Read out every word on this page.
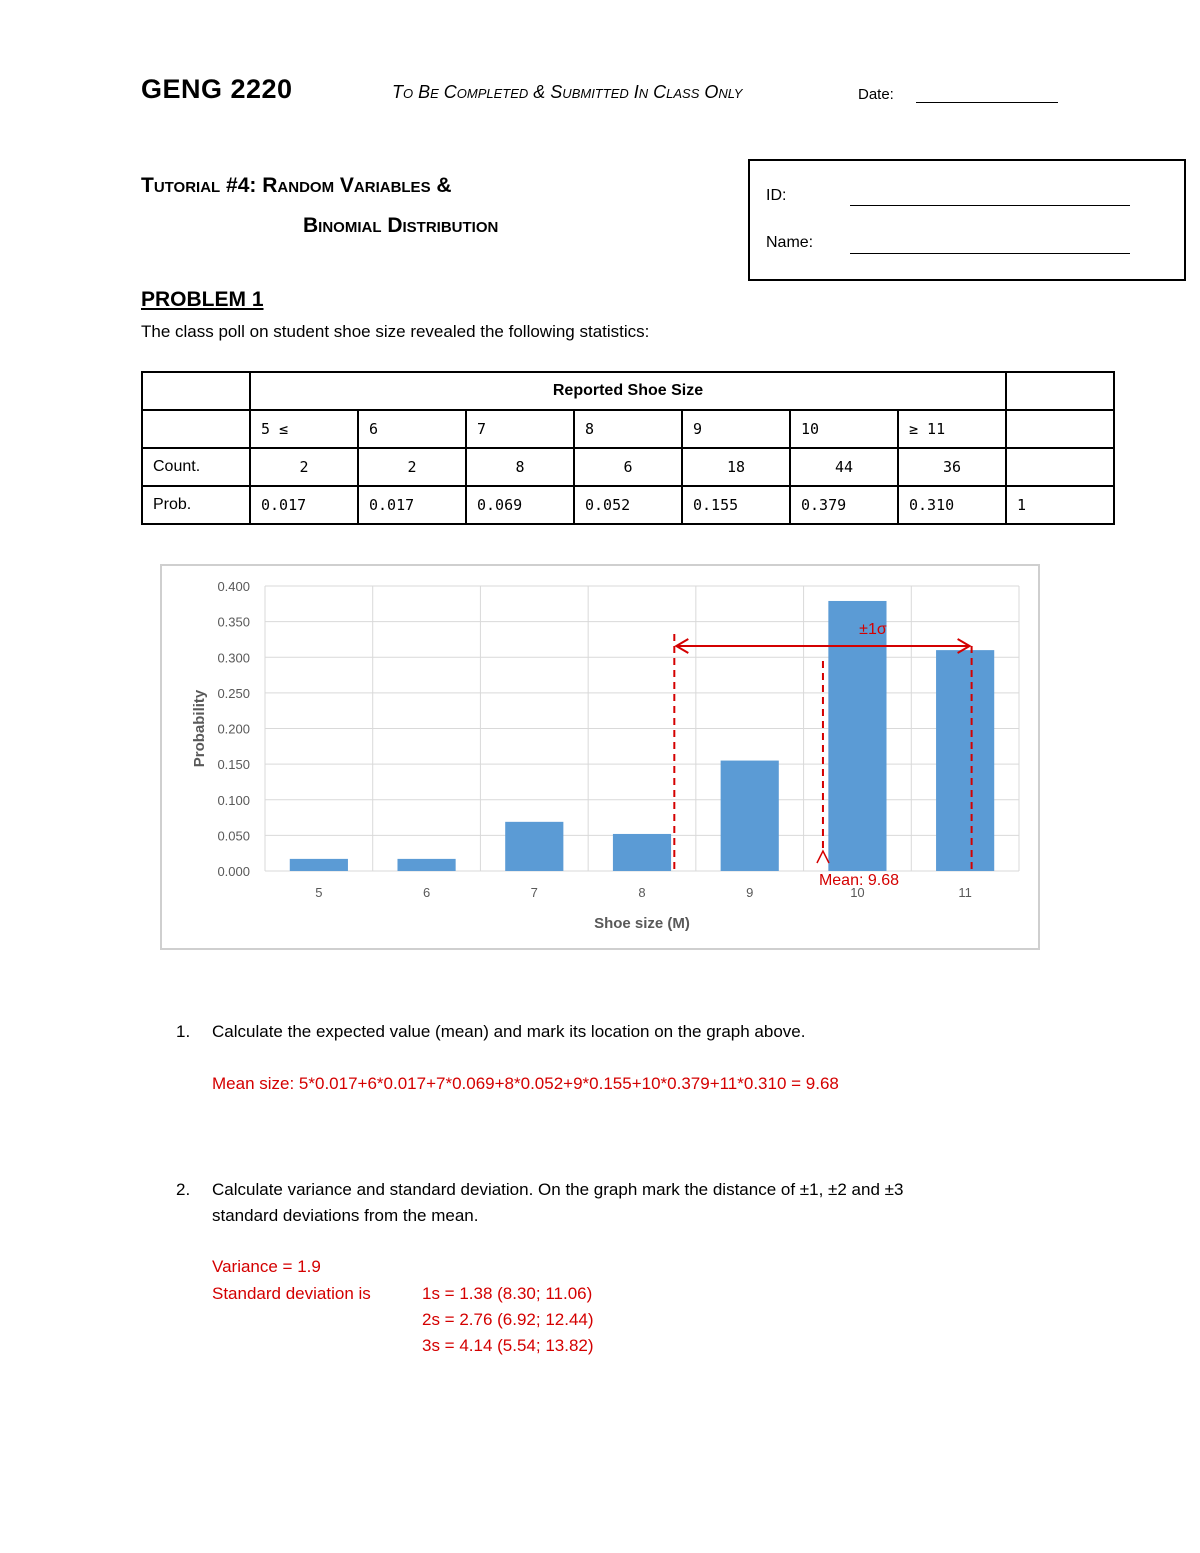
GENG 2220	To Be Completed & Submitted In Class Only	Date:
Tutorial #4: Random Variables &
Binomial Distribution
ID:
Name:
PROBLEM 1
The class poll on student shoe size revealed the following statistics:
	Reported Shoe Size							
	5 ≤	6	7	8	9	10	≥ 11	
Count.	2	2	8	6	18	44	36	
Prob.	0.017	0.017	0.069	0.052	0.155	0.379	0.310	1
0.000
0.050
0.100
0.150
0.200
0.250
0.300
0.350
0.400
5	6	7	8	9	10	11
Shoe size (M)
Probability
±1σ
Mean: 9.68
1. Calculate the expected value (mean) and mark its location on the graph above.
Mean size: 5*0.017+6*0.017+7*0.069+8*0.052+9*0.155+10*0.379+11*0.310 = 9.68
2. Calculate variance and standard deviation. On the graph mark the distance of ±1, ±2 and ±3
standard deviations from the mean.
Variance = 1.9
Standard deviation is	1s = 1.38 (8.30; 11.06)
2s = 2.76 (6.92; 12.44)
3s = 4.14 (5.54; 13.82)
